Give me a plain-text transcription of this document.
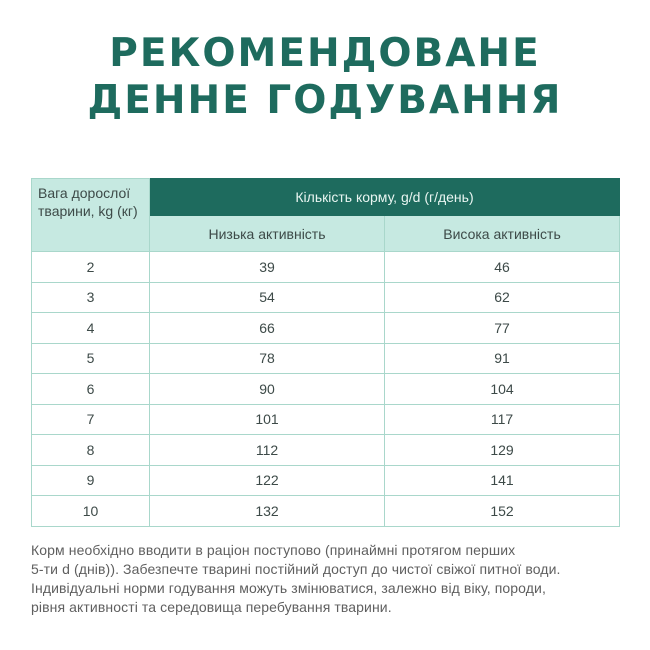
РЕКОМЕНДОВАНЕ
ДЕННЕ ГОДУВАННЯ
Вага дорослої тварини, kg (кг)	Кількість корму, g/d (г/день)	
	Низька активність	Висока активність
2	39	46
3	54	62
4	66	77
5	78	91
6	90	104
7	101	117
8	112	129
9	122	141
10	132	152
Корм необхідно вводити в раціон поступово (принаймні протягом перших
5-ти d (днів)). Забезпечте тварині постійний доступ до чистої свіжої питної води.
Індивідуальні норми годування можуть змінюватися, залежно від віку, породи,
рівня активності та середовища перебування тварини.
